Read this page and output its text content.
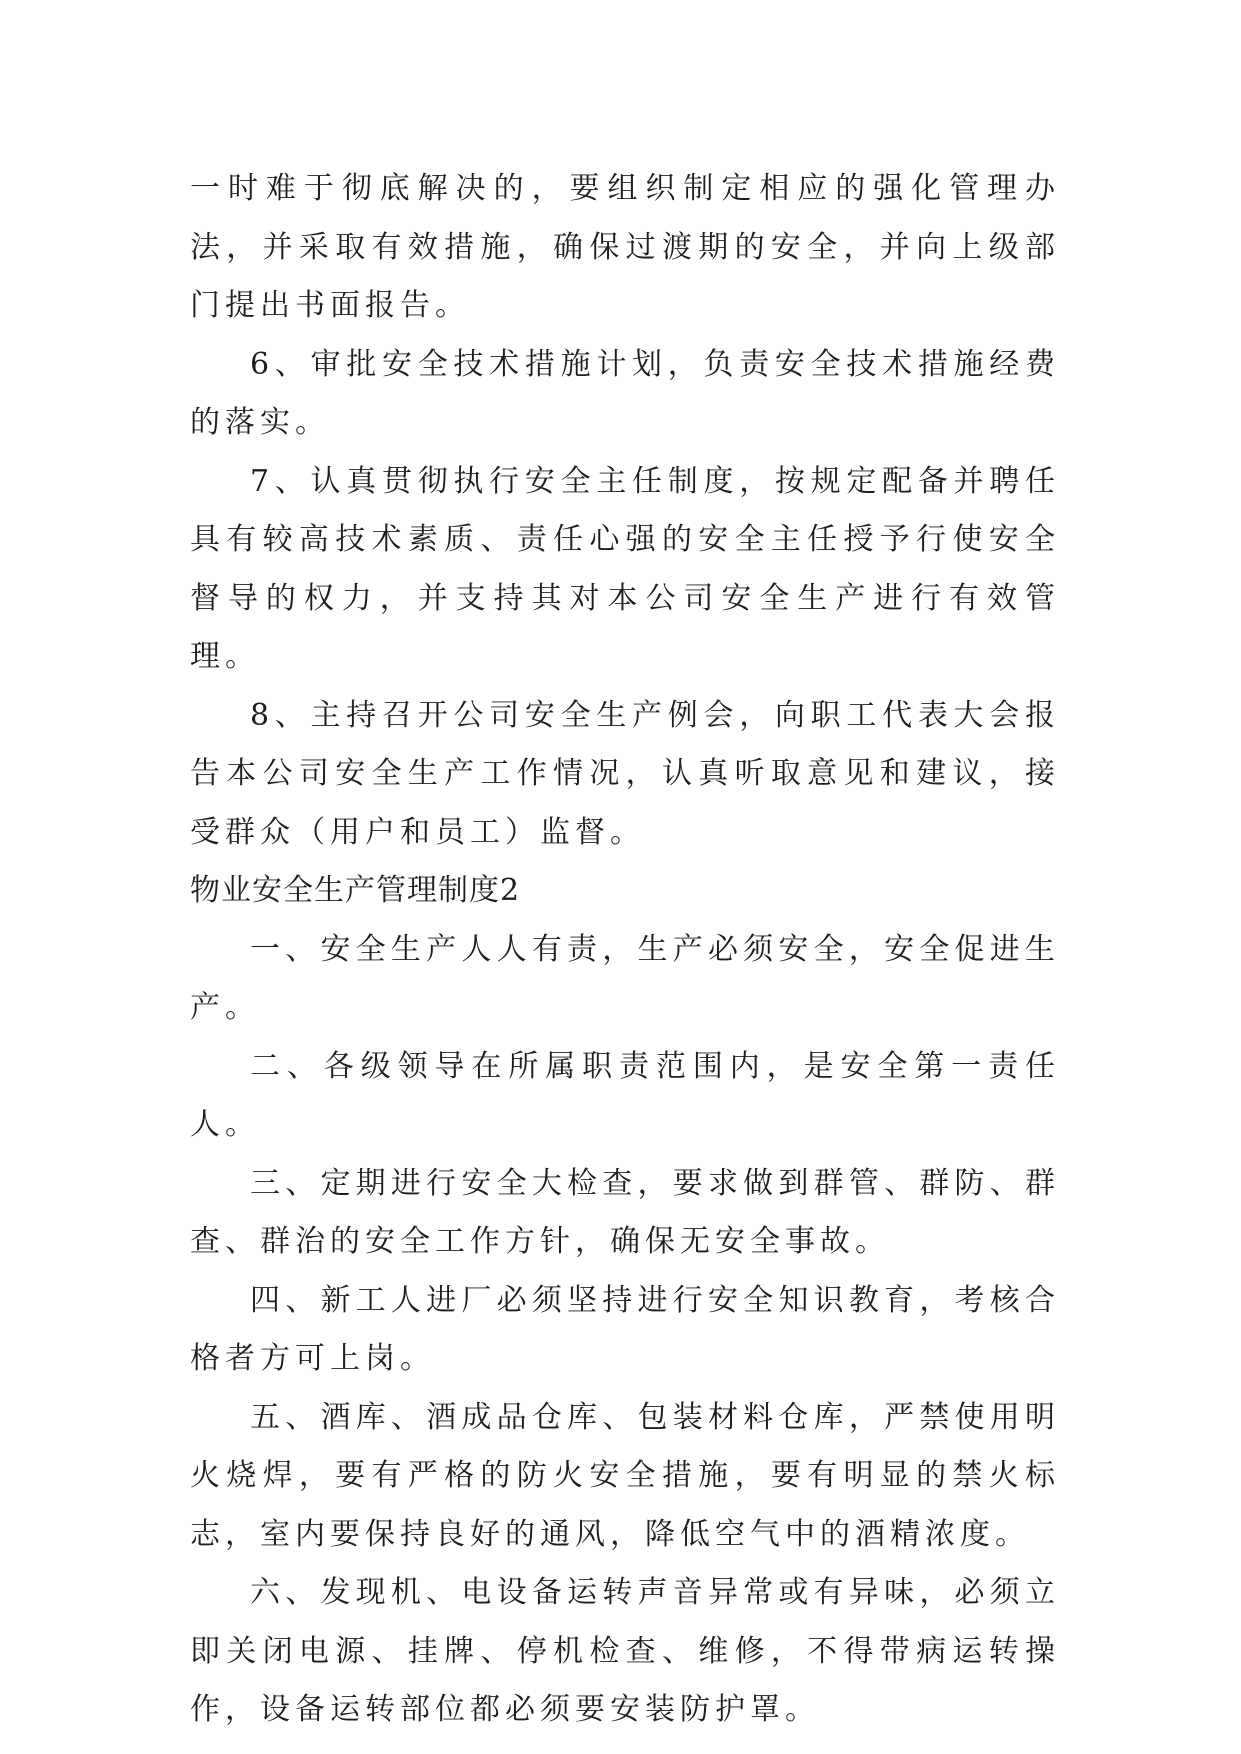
一时难于彻底解决的，要组织制定相应的强化管理办法，并采取有效措施，确保过渡期的安全，并向上级部门提出书面报告。

6、审批安全技术措施计划，负责安全技术措施经费的落实。

7、认真贯彻执行安全主任制度，按规定配备并聘任具有较高技术素质、责任心强的安全主任授予行使安全督导的权力，并支持其对本公司安全生产进行有效管理。

8、主持召开公司安全生产例会，向职工代表大会报告本公司安全生产工作情况，认真听取意见和建议，接受群众（用户和员工）监督。

物业安全生产管理制度2

一、安全生产人人有责，生产必须安全，安全促进生产。

二、各级领导在所属职责范围内，是安全第一责任人。

三、定期进行安全大检查，要求做到群管、群防、群查、群治的安全工作方针，确保无安全事故。

四、新工人进厂必须坚持进行安全知识教育，考核合格者方可上岗。

五、酒库、酒成品仓库、包装材料仓库，严禁使用明火烧焊，要有严格的防火安全措施，要有明显的禁火标志，室内要保持良好的通风，降低空气中的酒精浓度。

六、发现机、电设备运转声音异常或有异味，必须立即关闭电源、挂牌、停机检查、维修，不得带病运转操作，设备运转部位都必须要安装防护罩。
